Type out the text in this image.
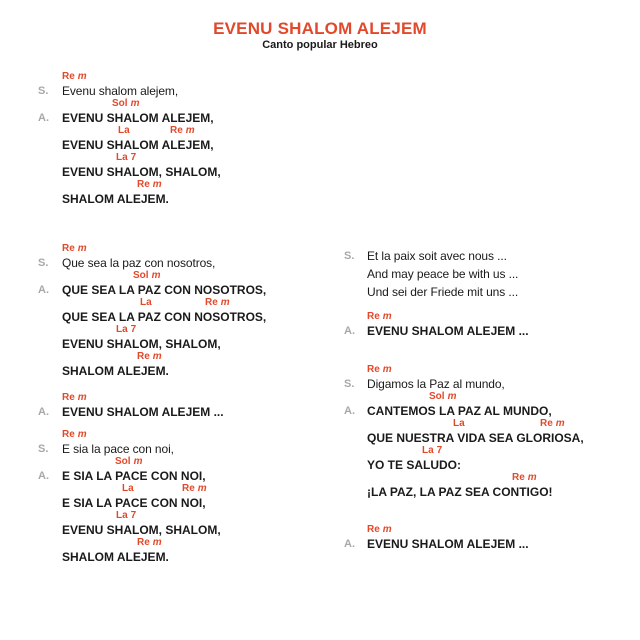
EVENU SHALOM ALEJEM
Canto popular Hebreo
Re m
S. Evenu shalom alejem,
Sol m
A. EVENU SHALOM ALEJEM,
La	Re m
EVENU SHALOM ALEJEM,
La 7
EVENU SHALOM, SHALOM,
Re m
SHALOM ALEJEM.
Re m
S. Que sea la paz con nosotros,
Sol m
A. QUE SEA LA PAZ CON NOSOTROS,
La	Re m
QUE SEA LA PAZ CON NOSOTROS,
La 7
EVENU SHALOM, SHALOM,
Re m
SHALOM ALEJEM.
Re m
A. EVENU SHALOM ALEJEM ...
Re m
S. E sia la pace con noi,
Sol m
A. E SIA LA PACE CON NOI,
La	Re m
E SIA LA PACE CON NOI,
La 7
EVENU SHALOM, SHALOM,
Re m
SHALOM ALEJEM.
S. Et la paix soit avec nous ...
And may peace be with us ...
Und sei der Friede mit uns ...
Re m
A. EVENU SHALOM ALEJEM ...
Re m
S. Digamos la Paz al mundo,
Sol m
A. CANTEMOS LA PAZ AL MUNDO,
La	Re m
QUE NUESTRA VIDA SEA GLORIOSA,
La 7
YO TE SALUDO:
Re m
¡LA PAZ, LA PAZ SEA CONTIGO!
Re m
A. EVENU SHALOM ALEJEM ...
